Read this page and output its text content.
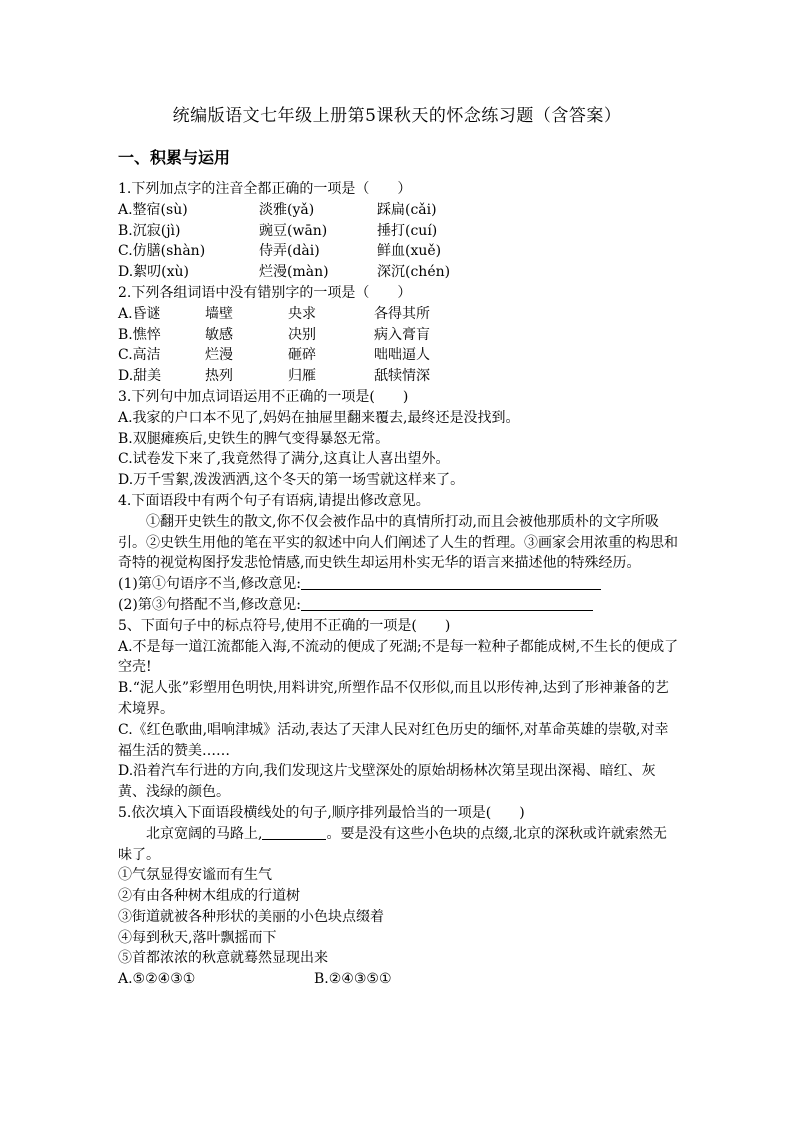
统编版语文七年级上册第5课秋天的怀念练习题（含答案）
一、积累与运用
1.下列加点字的注音全都正确的一项是（　　）
A.整宿(sù)	淡雅(yǎ)	踩扁(cǎi)
B.沉寂(jì)	豌豆(wān)	捶打(cuí)
C.仿膳(shàn)	侍弄(dài)	鲜血(xuě)
D.絮叨(xù)	烂漫(màn)	深沉(chén)
2.下列各组词语中没有错别字的一项是（　　）
A.昏谜	墙壁	央求	各得其所
B.憔悴	敏感	决别	病入膏肓
C.高洁	烂漫	砸碎	咄咄逼人
D.甜美	热列	归雁	舐犊情深
3.下列句中加点词语运用不正确的一项是(　　)
A.我家的户口本不见了,妈妈在抽屉里翻来覆去,最终还是没找到。
B.双腿瘫痪后,史铁生的脾气变得暴怒无常。
C.试卷发下来了,我竟然得了满分,这真让人喜出望外。
D.万千雪絮,泼泼洒洒,这个冬天的第一场雪就这样来了。
4.下面语段中有两个句子有语病,请提出修改意见。
①翻开史铁生的散文,你不仅会被作品中的真情所打动,而且会被他那质朴的文字所吸引。②史铁生用他的笔在平实的叙述中向人们阐述了人生的哲理。③画家会用浓重的构思和奇特的视觉构图抒发悲怆情感,而史铁生却运用朴实无华的语言来描述他的特殊经历。
(1)第①句语序不当,修改意见:
(2)第③句搭配不当,修改意见:
5、下面句子中的标点符号,使用不正确的一项是(　　)
A.不是每一道江流都能入海,不流动的便成了死湖;不是每一粒种子都能成树,不生长的便成了空壳!
B.“泥人张”彩塑用色明快,用料讲究,所塑作品不仅形似,而且以形传神,达到了形神兼备的艺术境界。
C.《红色歌曲,唱响津城》活动,表达了天津人民对红色历史的缅怀,对革命英雄的崇敬,对幸福生活的赞美……
D.沿着汽车行进的方向,我们发现这片戈壁深处的原始胡杨林次第呈现出深褐、暗红、灰黄、浅绿的颜色。
5.依次填入下面语段横线处的句子,顺序排列最恰当的一项是(　　)
北京宽阔的马路上,	。要是没有这些小色块的点缀,北京的深秋或许就索然无味了。
①气氛显得安谧而有生气
②有由各种树木组成的行道树
③街道就被各种形状的美丽的小色块点缀着
④每到秋天,落叶飘摇而下
⑤首都浓浓的秋意就蓦然显现出来
A.⑤②④③①	B.②④③⑤①
